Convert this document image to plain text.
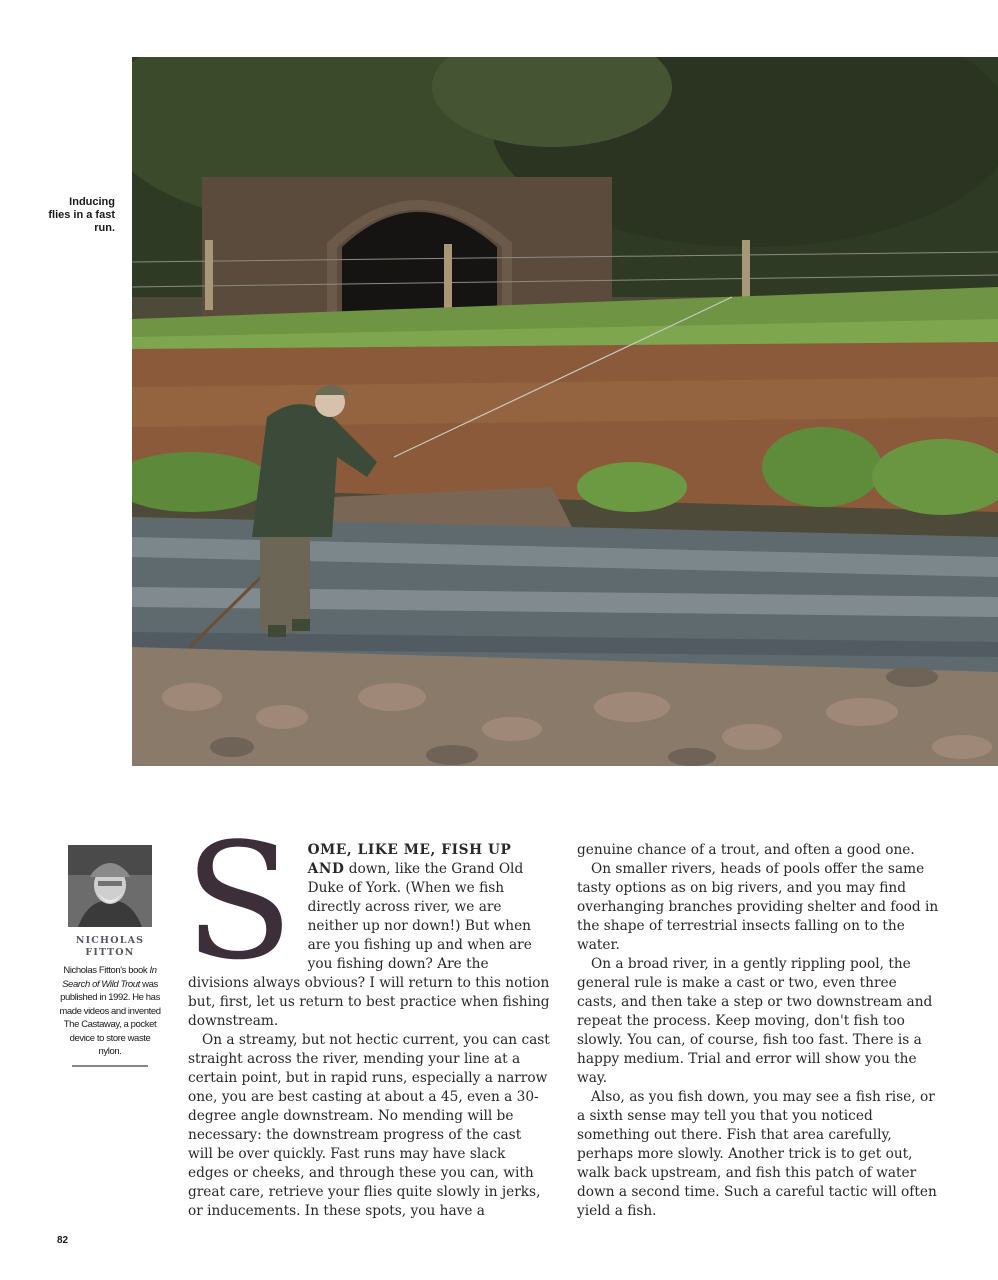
Inducing flies in a fast run.
NICHOLAS FITTON
Nicholas Fitton's book In Search of Wild Trout was published in 1992. He has made videos and invented The Castaway, a pocket device to store waste nylon.

S OME, LIKE ME, FISH UP AND down, like the Grand Old Duke of York. (When we fish directly across river, we are neither up nor down!) But when are you fishing up and when are you fishing down? Are the divisions always obvious? I will return to this notion but, first, let us return to best practice when fishing downstream.

On a streamy, but not hectic current, you can cast straight across the river, mending your line at a certain point, but in rapid runs, especially a narrow one, you are best casting at about a 45, even a 30-degree angle downstream. No mending will be necessary: the downstream progress of the cast will be over quickly. Fast runs may have slack edges or cheeks, and through these you can, with great care, retrieve your flies quite slowly in jerks, or inducements. In these spots, you have a

genuine chance of a trout, and often a good one.

On smaller rivers, heads of pools offer the same tasty options as on big rivers, and you may find overhanging branches providing shelter and food in the shape of terrestrial insects falling on to the water.

On a broad river, in a gently rippling pool, the general rule is make a cast or two, even three casts, and then take a step or two downstream and repeat the process. Keep moving, don't fish too slowly. You can, of course, fish too fast. There is a happy medium. Trial and error will show you the way.

Also, as you fish down, you may see a fish rise, or a sixth sense may tell you that you noticed something out there. Fish that area carefully, perhaps more slowly. Another trick is to get out, walk back upstream, and fish this patch of water down a second time. Such a careful tactic will often yield a fish.

82
